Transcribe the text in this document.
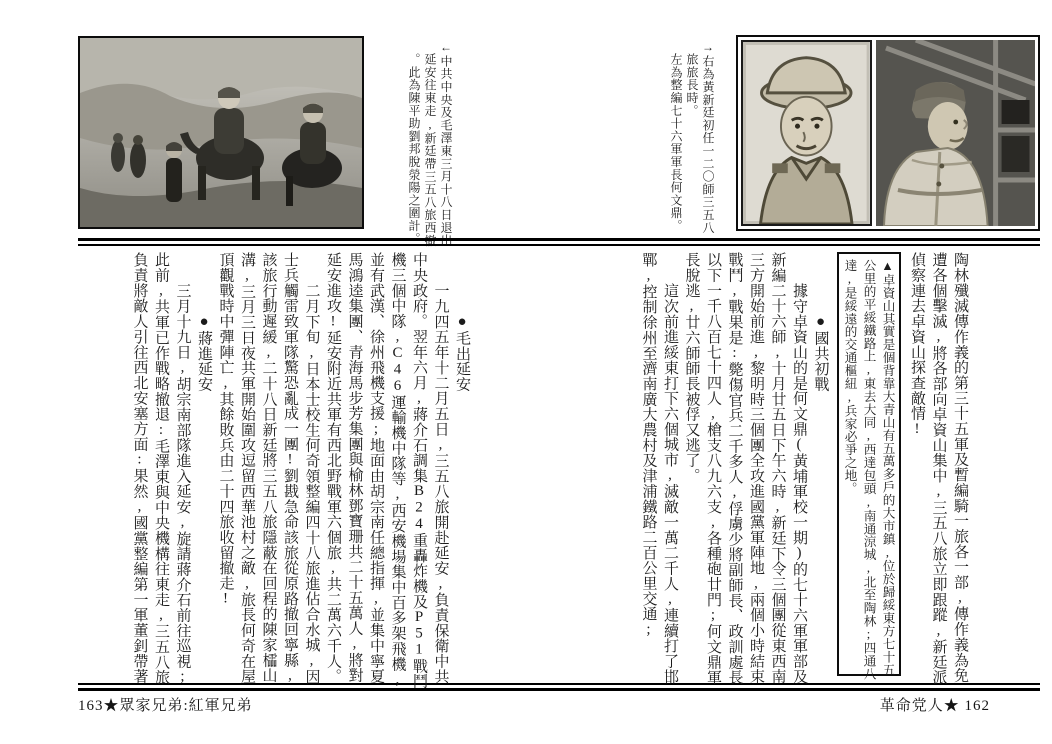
←中共中央及毛澤東三月十八日退出
延安往東走,新廷帶三五八旅西撤
。此為陳平助劉邦脫滎陽之圍計。	→右為黃新廷初任一二〇師三五八
旅旅長時。
左為整編七十六軍軍長何文鼎。
陶林殲滅傳作義的第三十五軍及暫編騎一旅各一部,傳作義為免
遭各個擊滅,將各部向卓資山集中,三五八旅立即跟蹤,新廷派
偵察連去卓資山探查敵情!
▲卓資山其實是個背靠大青山有五萬多戶的大市鎮,位於歸綏東方七十五
公里的平綏鐵路上,東去大同,西達包頭,南通涼城,北至陶林;四通八
達,是綏遠的交通樞紐,兵家必爭之地。
●國共初戰
據守卓資山的是何文鼎(黃埔軍校一期)的七十六軍軍部及
新編二十六師,十月廿五日下午六時,新廷下令三個團從東西南
三方開始前進,黎明時三個團全攻進國黨軍陣地,兩個小時結束
戰鬥,戰果是:斃傷官兵二千多人,俘虜少將副師長、政訓處長
以下一千八百七十四人,槍支八九六支,各種砲廿門;何文鼎軍
長脫逃,廿六師師長被俘又逃了。
這次前進綏東打下六個城市,滅敵一萬二千人,連續打了邯
鄲,控制徐州至濟南廣大農村及津浦鐵路二百公里交通;
●毛出延安
一九四五年十二月五日,三五八旅開赴延安,負責保衛中共
中央政府。翌年六月,蔣介石調集B24重轟炸機及P51戰鬥
機三個中隊,C46運輸機中隊等,西安機場集中百多架飛機,
並有武漢、徐州飛機支援;地面由胡宗南任總指揮,並集中寧夏
馬鴻逵集團、青海馬步芳集團與榆林鄧寶珊共二十五萬人,將對
延安進攻!延安附近共軍有西北野戰軍六個旅,共二萬六千人。
二月下旬,日本士校生何奇領整編四十八旅進佔合水城,因
士兵觸雷致軍隊驚恐亂成一團!劉戡急命該旅從原路撤回寧縣,
該旅行動遲緩,二十八日新廷將三五八旅隱蔽在回程的陳家櫺山
溝,三月三日夜共軍開始圍攻逗留西華池村之敵,旅長何奇在屋
頂觀戰時中彈陣亡,其餘敗兵由二十四旅收留撤走!
●蔣進延安
三月十九日,胡宗南部隊進入延安,旋請蔣介石前往巡視;
此前,共軍已作戰略撤退:毛澤東與中央機構往東走,三五八旅
負責將敵人引往西北安塞方面:果然,國黨整編第一軍董釗帶著
163★眾家兄弟:紅軍兄弟	革命党人★ 162
